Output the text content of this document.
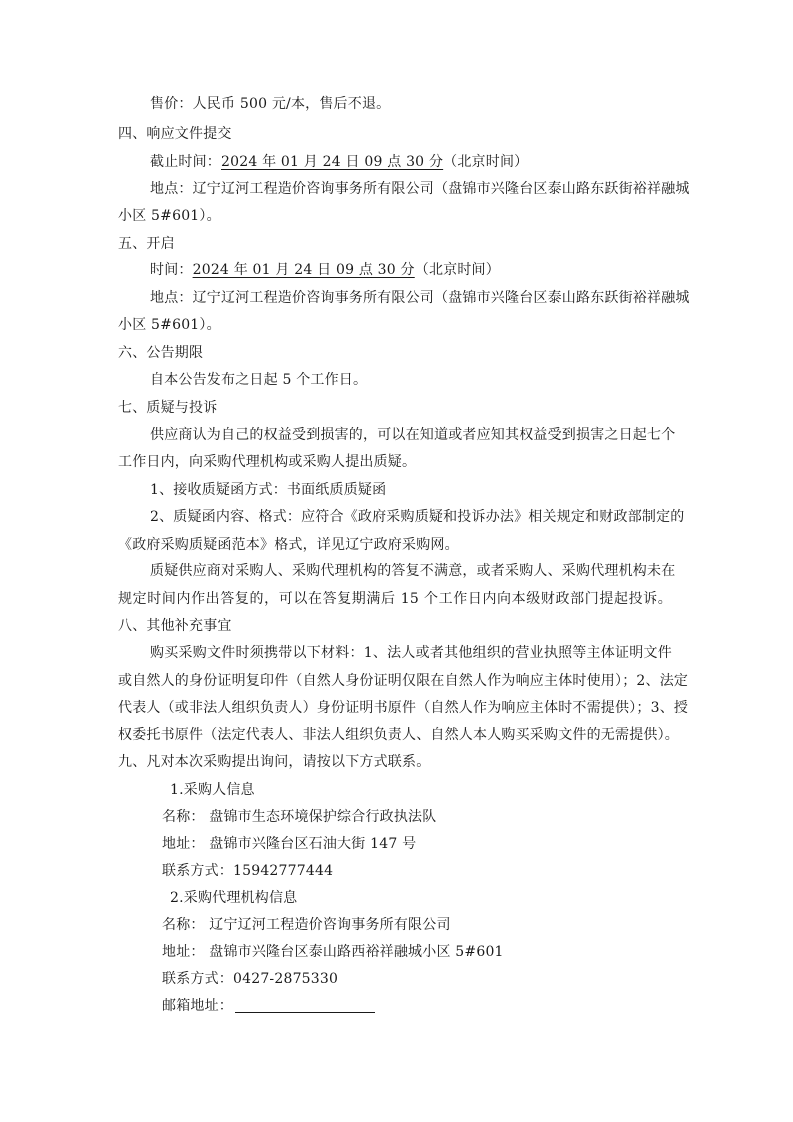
售价：人民币 500 元/本，售后不退。
四、响应文件提交
截止时间：2024 年 01 月 24 日 09 点 30 分（北京时间）
地点：辽宁辽河工程造价咨询事务所有限公司（盘锦市兴隆台区泰山路东跃街裕祥融城
小区 5#601）。
五、开启
时间：2024 年 01 月 24 日 09 点 30 分（北京时间）
地点：辽宁辽河工程造价咨询事务所有限公司（盘锦市兴隆台区泰山路东跃街裕祥融城
小区 5#601）。
六、公告期限
自本公告发布之日起 5 个工作日。
七、质疑与投诉
供应商认为自己的权益受到损害的，可以在知道或者应知其权益受到损害之日起七个
工作日内，向采购代理机构或采购人提出质疑。
1、接收质疑函方式：书面纸质质疑函
2、质疑函内容、格式：应符合《政府采购质疑和投诉办法》相关规定和财政部制定的
《政府采购质疑函范本》格式，详见辽宁政府采购网。
质疑供应商对采购人、采购代理机构的答复不满意，或者采购人、采购代理机构未在
规定时间内作出答复的，可以在答复期满后 15 个工作日内向本级财政部门提起投诉。
八、其他补充事宜
购买采购文件时须携带以下材料：1、法人或者其他组织的营业执照等主体证明文件
或自然人的身份证明复印件（自然人身份证明仅限在自然人作为响应主体时使用）；2、法定
代表人（或非法人组织负责人）身份证明书原件（自然人作为响应主体时不需提供）；3、授
权委托书原件（法定代表人、非法人组织负责人、自然人本人购买采购文件的无需提供）。
九、凡对本次采购提出询问，请按以下方式联系。
1.采购人信息
名称： 盘锦市生态环境保护综合行政执法队
地址： 盘锦市兴隆台区石油大街 147 号
联系方式：15942777444
2.采购代理机构信息
名称： 辽宁辽河工程造价咨询事务所有限公司
地址： 盘锦市兴隆台区泰山路西裕祥融城小区 5#601
联系方式：0427-2875330
邮箱地址：
